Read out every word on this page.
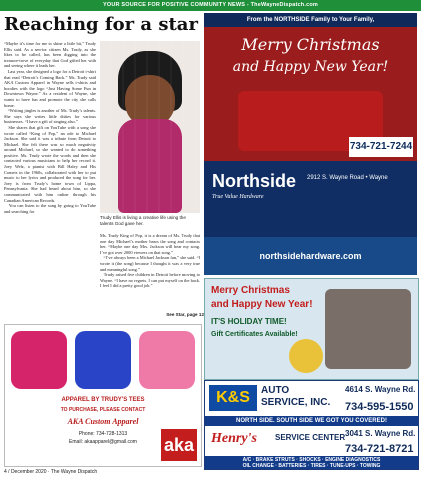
YOUR SOURCE FOR POSITIVE COMMUNITY NEWS - TheWayneDispatch.com
Reaching for a star
“Maybe it’s time for me to shine a little bit,” Trudy Ellis said. As a sen-ior citizen Ms. Trudy, as she likes to be called, has been digging into the treasure-trove of everyday that God gifted her with and seeing where it leads her.
Last year, she designed a logo for a Detroit t-shirt that read “Detroit’s Coming Back.” Ms. Trudy said AKA Custom Apparel in Wayne sells t-shirts and hoodies with the logo “Just Having Some Fun in Downtown Wayne.” As a resident of Wayne, she wants to have fun and promote the city she calls home.
“Writing jingles is another of Ms. Trudy’s talents. She says she writes little ditties for various businesses. “I have a gift of singing also.”
She shares that gift on YouTube with a song she wrote called “King of Pop,” an ode to Michael Jackson. She said it was a tribute from Detroit to Michael. She felt there was so much negativity around Michael, so she wanted to do something positive. Ms. Trudy wrote the words and then she contacted various musicians to help her record it. Joey Welz, a pianist with Bill Haley and His Comets in the 1960s, collaborated with her to put music to her lyrics and produced the song for her. Joey is from Trudy’s home town of Lippa, Pennsylvania. She had heard about him, so she communicated with him online through his Canadian American Records.
You can listen to the song by going to YouTube and searching for
Trudy Ellis is living a creative life using the talents God gave her.
Ms. Trudy King of Pop, it is a dream of Ms. Trudy that one day Michael’s mother hears the song and contacts her. “Maybe one day Mrs. Jackson will hear my song. I’ve got over 2000 viewers on that song.”
“I’ve always been a Michael Jackson fan,” she said. “I wrote it (the song) because I thought it was a very true and meaningful song.”
Trudy raised five children in Detroit before moving to Wayne. “I have no regrets. I can put myself on the back. I feel I did a pretty good job.”
See Star, page 12
From the NORTHSIDE Family to Your Family,
Merry Christmas
and Happy New Year!
734-721-7244
Northside
True Value Hardware
2912 S. Wayne Road • Wayne
northsidehardware.com
Merry Christmas
and Happy New Year!
IT'S HOLIDAY TIME!
Gift Certificates Available!
K&S	AUTO
SERVICE, INC.
4614 S. Wayne Rd.
734-595-1550
NORTH SIDE. SOUTH SIDE WE GOT YOU COVERED!
Henry's SERVICE CENTER 3041 S. Wayne Rd.
734-721-8721
A/C · BRAKE STRUTS · SHOCKS · ENGINE DIAGNOSTICS
OIL CHANGE · BATTERIES · TIRES · TUNE-UPS · TOWING
APPAREL BY TRUDY'S TEES
TO PURCHASE, PLEASE CONTACT
AKA Custom Apparel
Phone: 734-728-1313
Email: akaapparel@gmail.com	aka
4 / December 2020 · The Wayne Dispatch
